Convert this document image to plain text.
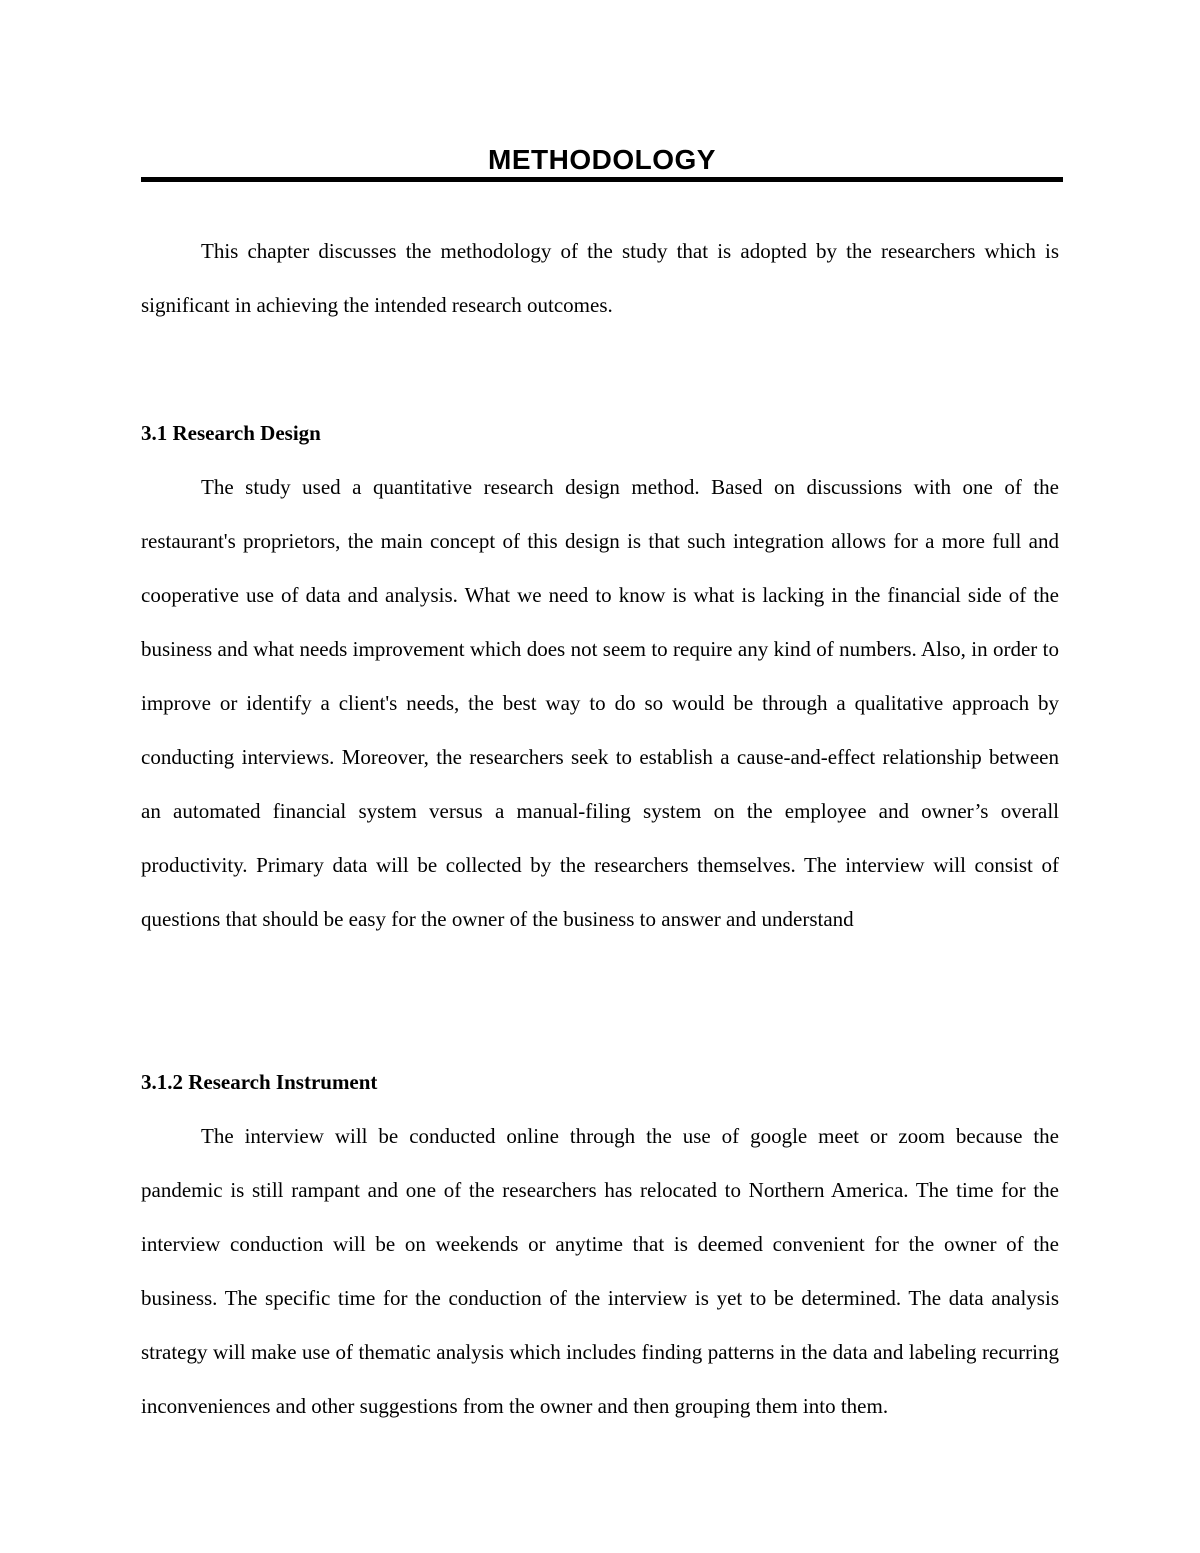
METHODOLOGY

This chapter discusses the methodology of the study that is adopted by the researchers which is significant in achieving the intended research outcomes.

3.1 Research Design

The study used a quantitative research design method. Based on discussions with one of the restaurant's proprietors, the main concept of this design is that such integration allows for a more full and cooperative use of data and analysis. What we need to know is what is lacking in the financial side of the business and what needs improvement which does not seem to require any kind of numbers. Also, in order to improve or identify a client's needs, the best way to do so would be through a qualitative approach by conducting interviews. Moreover, the researchers seek to establish a cause-and-effect relationship between an automated financial system versus a manual-filing system on the employee and owner’s overall productivity. Primary data will be collected by the researchers themselves. The interview will consist of questions that should be easy for the owner of the business to answer and understand

3.1.2 Research Instrument

The interview will be conducted online through the use of google meet or zoom because the pandemic is still rampant and one of the researchers has relocated to Northern America. The time for the interview conduction will be on weekends or anytime that is deemed convenient for the owner of the business. The specific time for the conduction of the interview is yet to be determined. The data analysis strategy will make use of thematic analysis which includes finding patterns in the data and labeling recurring inconveniences and other suggestions from the owner and then grouping them into them.
